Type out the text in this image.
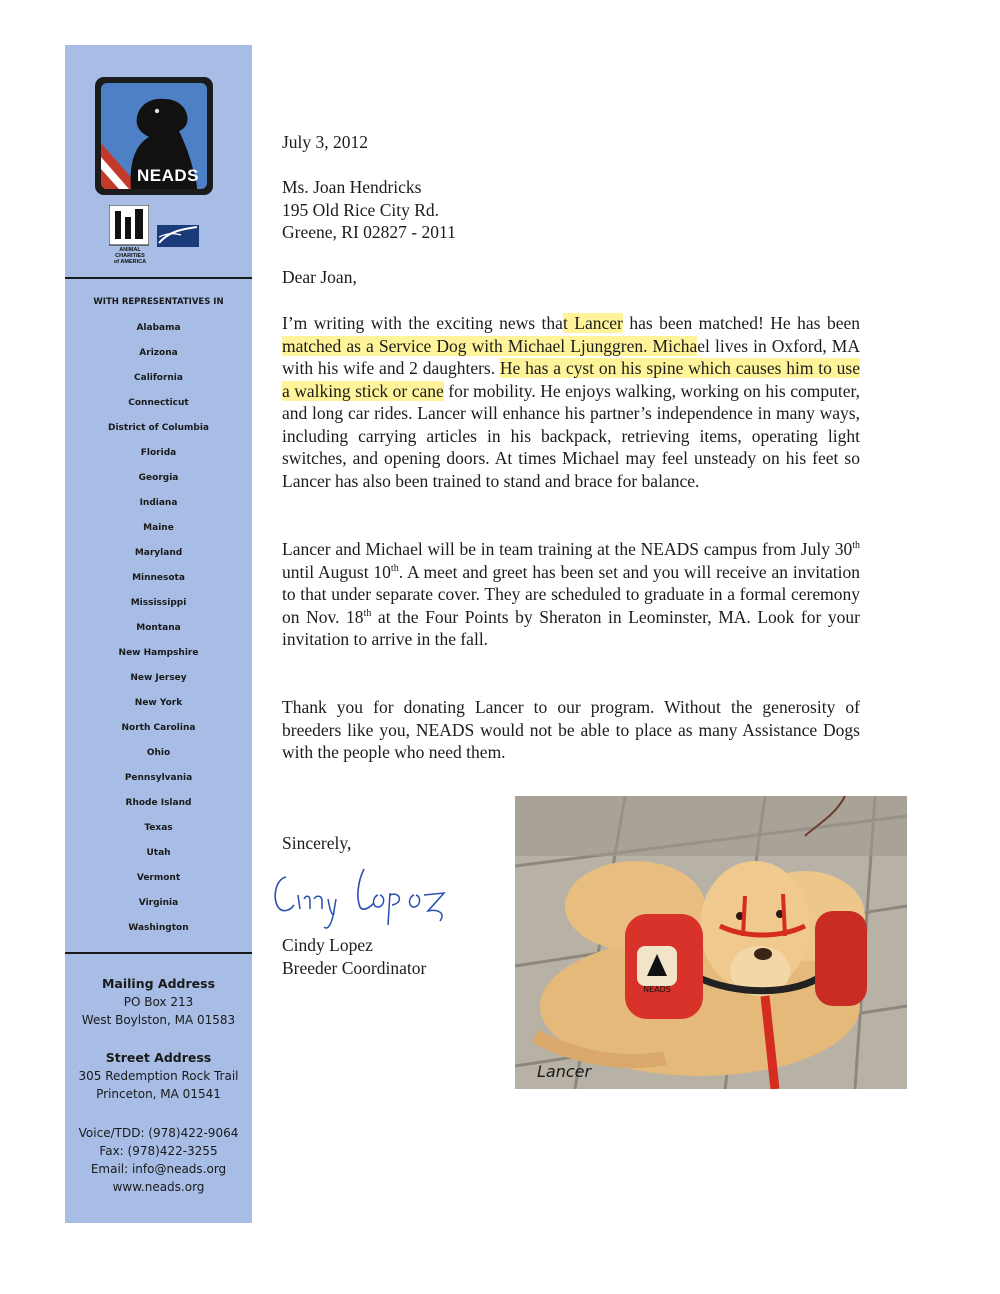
NEADS
ANIMAL
CHARITIES
of AMERICA
WITH REPRESENTATIVES IN
Alabama
Arizona
California
Connecticut
District of Columbia
Florida
Georgia
Indiana
Maine
Maryland
Minnesota
Mississippi
Montana
New Hampshire
New Jersey
New York
North Carolina
Ohio
Pennsylvania
Rhode Island
Texas
Utah
Vermont
Virginia
Washington
Mailing Address
PO Box 213
West Boylston, MA 01583
Street Address
305 Redemption Rock Trail
Princeton, MA 01541
Voice/TDD: (978)422-9064
Fax: (978)422-3255
Email: info@neads.org
www.neads.org
July 3, 2012
Ms. Joan Hendricks
195 Old Rice City Rd.
Greene, RI 02827 - 2011
Dear Joan,
I’m writing with the exciting news that Lancer has been matched! He has been matched as a Service Dog with Michael Ljunggren. Michael lives in Oxford, MA with his wife and 2 daughters. He has a cyst on his spine which causes him to use a walking stick or cane for mobility. He enjoys walking, working on his computer, and long car rides. Lancer will enhance his partner’s independence in many ways, including carrying articles in his backpack, retrieving items, operating light switches, and opening doors. At times Michael may feel unsteady on his feet so Lancer has also been trained to stand and brace for balance.
Lancer and Michael will be in team training at the NEADS campus from July 30th until August 10th. A meet and greet has been set and you will receive an invitation to that under separate cover. They are scheduled to graduate in a formal ceremony on Nov. 18th at the Four Points by Sheraton in Leominster, MA. Look for your invitation to arrive in the fall.
Thank you for donating Lancer to our program. Without the generosity of breeders like you, NEADS would not be able to place as many Assistance Dogs with the people who need them.
Sincerely,
Cindy Lopez
Breeder Coordinator
NEADS
Lancer
